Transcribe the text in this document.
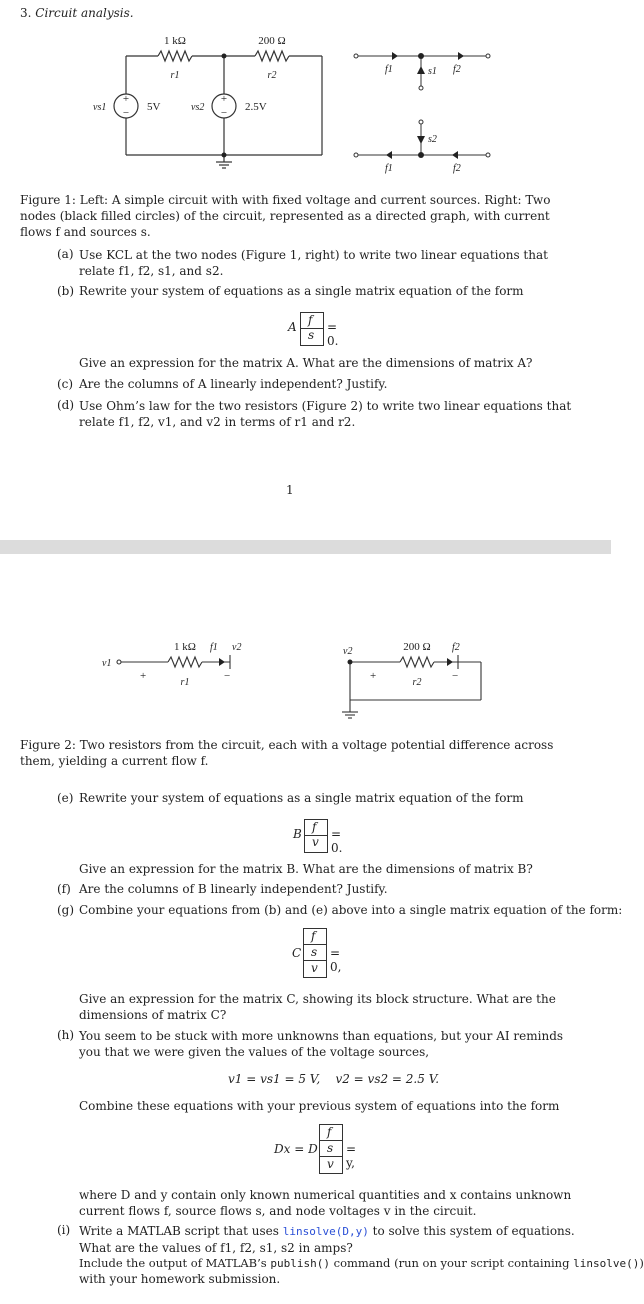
3. Circuit analysis.
+
−
+
−
1 kΩ	200 Ω
r1	r2
vs1	5V	vs2	2.5V
f1	f2
s1
f1	f2
s2
Figure 1: Left: A simple circuit with with fixed voltage and current sources. Right: Two nodes (black filled circles) of the circuit, represented as a directed graph, with current flows f and sources s.
(a) Use KCL at the two nodes (Figure 1, right) to write two linear equations that relate f1, f2, s1, and s2.
(b) Rewrite your system of equations as a single matrix equation of the form
A f
s
= 0.
Give an expression for the matrix A. What are the dimensions of matrix A?
(c) Are the columns of A linearly independent? Justify.
(d) Use Ohm’s law for the two resistors (Figure 2) to write two linear equations that relate f1, f2, v1, and v2 in terms of r1 and r2.
1
v1
+	−
1 kΩ
r1
f1 v2	v2
+	−
200 Ω
r2
f2
Figure 2: Two resistors from the circuit, each with a voltage potential difference across them, yielding a current flow f.
(e) Rewrite your system of equations as a single matrix equation of the form
B f
v
= 0.
Give an expression for the matrix B. What are the dimensions of matrix B?
(f) Are the columns of B linearly independent? Justify.
(g) Combine your equations from (b) and (e) above into a single matrix equation of the form:
C
f
s
v
= 0,
Give an expression for the matrix C, showing its block structure. What are the dimensions of matrix C?
(h) You seem to be stuck with more unknowns than equations, but your AI reminds you that we were given the values of the voltage sources,
v1 = vs1 = 5 V,    v2 = vs2 = 2.5 V.
Combine these equations with your previous system of equations into the form
Dx = D
f
s
v
= y,
where D and y contain only known numerical quantities and x contains unknown current flows f, source flows s, and node voltages v in the circuit.
(i) Write a MATLAB script that uses linsolve(D,y) to solve this system of equations. What are the values of f1, f2, s1, s2 in amps?
Include the output of MATLAB’s publish() command (run on your script containing linsolve())
with your homework submission.
